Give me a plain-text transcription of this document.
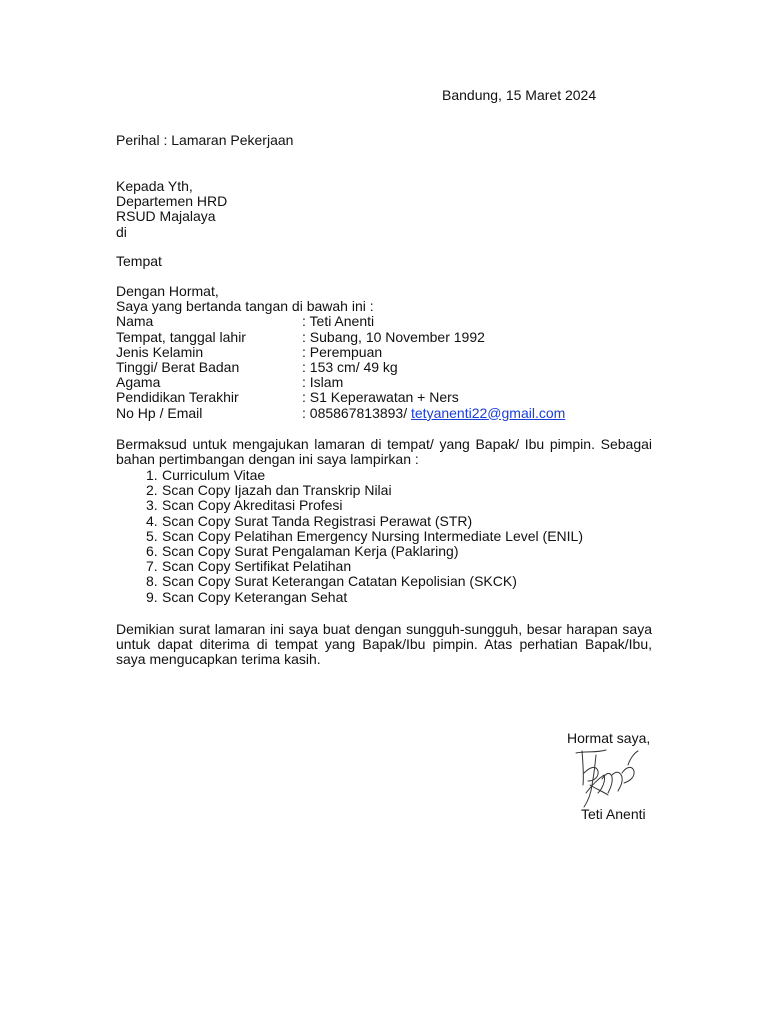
Bandung, 15 Maret 2024
Perihal : Lamaran Pekerjaan
Kepada Yth,
Departemen HRD
RSUD Majalaya
di
Tempat
Dengan Hormat,
Saya yang bertanda tangan di bawah ini :
Nama	: Teti Anenti
Tempat, tanggal lahir	: Subang, 10 November 1992
Jenis Kelamin	: Perempuan
Tinggi/ Berat Badan	: 153 cm/ 49 kg
Agama	: Islam
Pendidikan Terakhir	: S1 Keperawatan + Ners
No Hp / Email	: 085867813893/ tetyanenti22@gmail.com
Bermaksud untuk mengajukan lamaran di tempat/ yang Bapak/ Ibu pimpin. Sebagai
bahan pertimbangan dengan ini saya lampirkan :
1. Curriculum Vitae
2. Scan Copy Ijazah dan Transkrip Nilai
3. Scan Copy Akreditasi Profesi
4. Scan Copy Surat Tanda Registrasi Perawat (STR)
5. Scan Copy Pelatihan Emergency Nursing Intermediate Level (ENIL)
6. Scan Copy Surat Pengalaman Kerja (Paklaring)
7. Scan Copy Sertifikat Pelatihan
8. Scan Copy Surat Keterangan Catatan Kepolisian (SKCK)
9. Scan Copy Keterangan Sehat
Demikian surat lamaran ini saya buat dengan sungguh-sungguh, besar harapan saya
untuk dapat diterima di tempat yang Bapak/Ibu pimpin. Atas perhatian Bapak/Ibu,
saya mengucapkan terima kasih.
Hormat saya,
Teti Anenti
